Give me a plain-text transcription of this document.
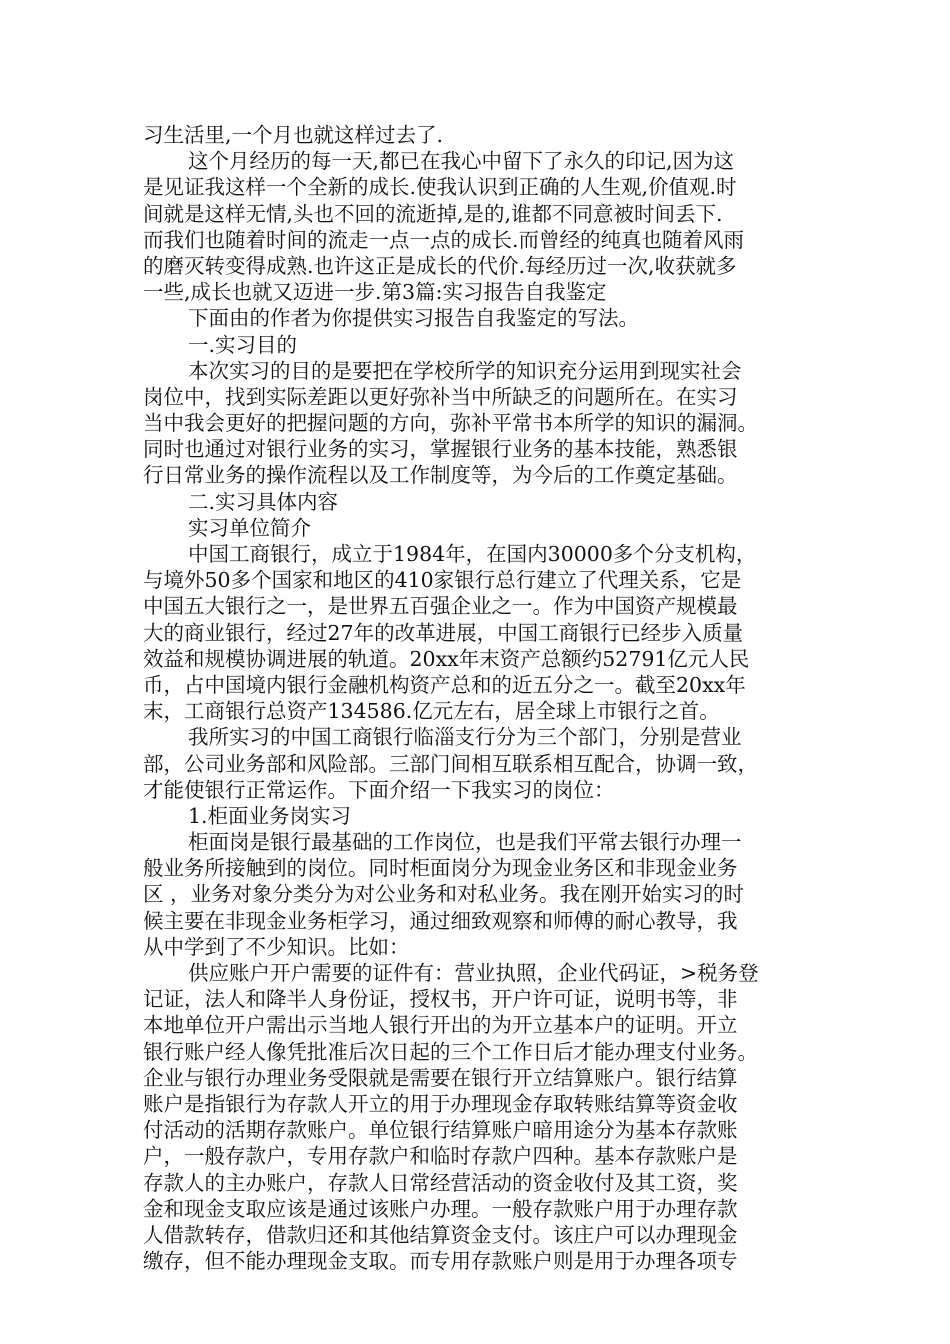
习生活里,一个月也就这样过去了.
这个月经历的每一天,都已在我心中留下了永久的印记,因为这
是见证我这样一个全新的成长.使我认识到正确的人生观,价值观.时
间就是这样无情,头也不回的流逝掉,是的,谁都不同意被时间丢下.
而我们也随着时间的流走一点一点的成长.而曾经的纯真也随着风雨
的磨灭转变得成熟.也许这正是成长的代价.每经历过一次,收获就多
一些,成长也就又迈进一步.第3篇:实习报告自我鉴定
下面由的作者为你提供实习报告自我鉴定的写法。
一.实习目的
本次实习的目的是要把在学校所学的知识充分运用到现实社会
岗位中，找到实际差距以更好弥补当中所缺乏的问题所在。在实习
当中我会更好的把握问题的方向，弥补平常书本所学的知识的漏洞。
同时也通过对银行业务的实习，掌握银行业务的基本技能，熟悉银
行日常业务的操作流程以及工作制度等，为今后的工作奠定基础。
二.实习具体内容
实习单位简介
中国工商银行，成立于1984年，在国内30000多个分支机构，
与境外50多个国家和地区的410家银行总行建立了代理关系，它是
中国五大银行之一，是世界五百强企业之一。作为中国资产规模最
大的商业银行，经过27年的改革进展，中国工商银行已经步入质量
效益和规模协调进展的轨道。20xx年末资产总额约52791亿元人民
币，占中国境内银行金融机构资产总和的近五分之一。截至20xx年
末，工商银行总资产134586.亿元左右，居全球上市银行之首。
我所实习的中国工商银行临淄支行分为三个部门，分别是营业
部，公司业务部和风险部。三部门间相互联系相互配合，协调一致，
才能使银行正常运作。下面介绍一下我实习的岗位：
1.柜面业务岗实习
柜面岗是银行最基础的工作岗位，也是我们平常去银行办理一
般业务所接触到的岗位。同时柜面岗分为现金业务区和非现金业务
区 ，业务对象分类分为对公业务和对私业务。我在刚开始实习的时
候主要在非现金业务柜学习，通过细致观察和师傅的耐心教导，我
从中学到了不少知识。比如：
供应账户开户需要的证件有：营业执照，企业代码证，>税务登
记证，法人和降半人身份证，授权书，开户许可证，说明书等，非
本地单位开户需出示当地人银行开出的为开立基本户的证明。开立
银行账户经人像凭批准后次日起的三个工作日后才能办理支付业务。
企业与银行办理业务受限就是需要在银行开立结算账户。银行结算
账户是指银行为存款人开立的用于办理现金存取转账结算等资金收
付活动的活期存款账户。单位银行结算账户暗用途分为基本存款账
户，一般存款户，专用存款户和临时存款户四种。基本存款账户是
存款人的主办账户，存款人日常经营活动的资金收付及其工资，奖
金和现金支取应该是通过该账户办理。一般存款账户用于办理存款
人借款转存，借款归还和其他结算资金支付。该庄户可以办理现金
缴存，但不能办理现金支取。而专用存款账户则是用于办理各项专
